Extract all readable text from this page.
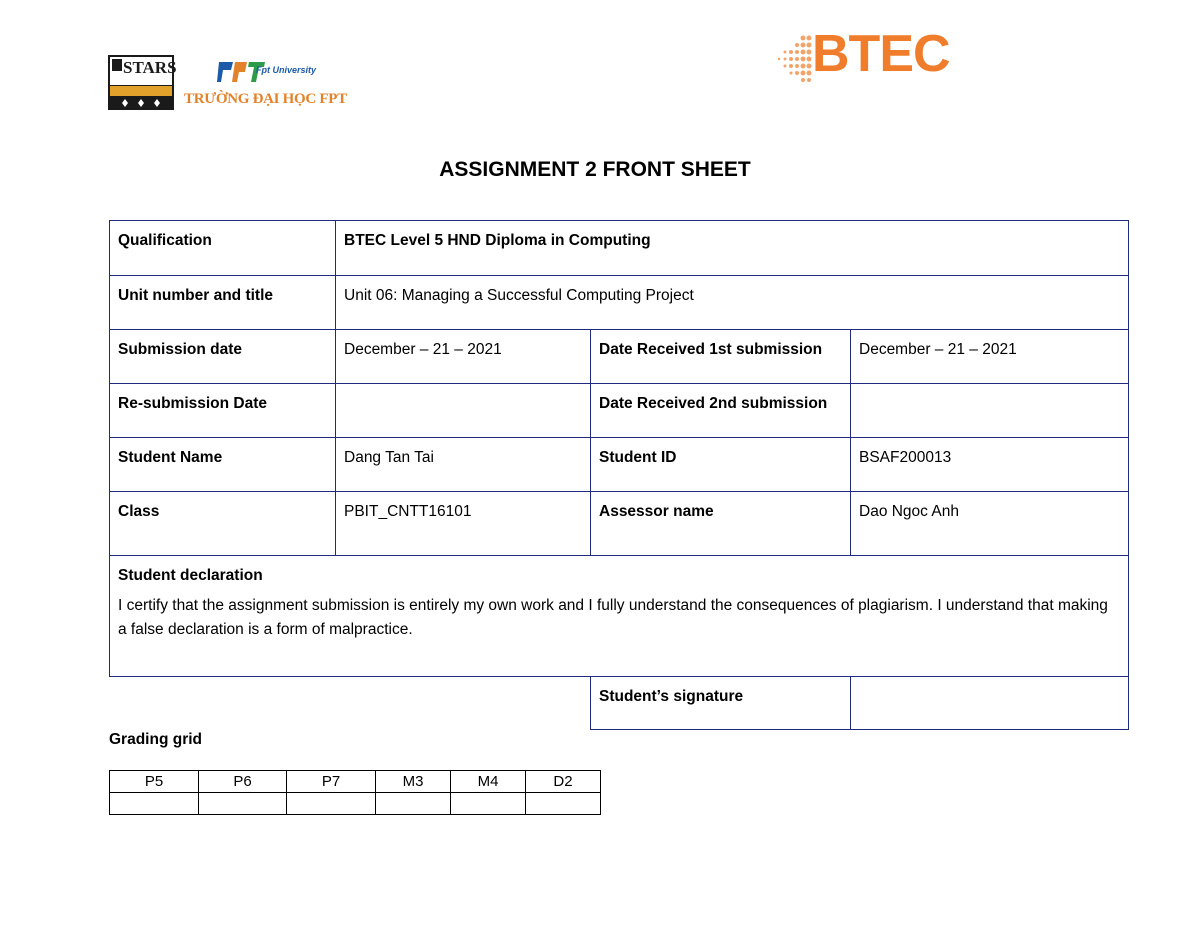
STARS	Fpt University
TRƯỜNG ĐẠI HỌC FPT
BTEC
ASSIGNMENT 2 FRONT SHEET
Qualification	BTEC Level 5 HND Diploma in Computing		
Unit number and title	Unit 06: Managing a Successful Computing Project		
Submission date	December – 21 – 2021	Date Received 1st submission	December – 21 – 2021
Re-submission Date		Date Received 2nd submission	
Student Name	Dang Tan Tai	Student ID	BSAF200013
Class	PBIT_CNTT16101	Assessor name	Dao Ngoc Anh

Student declaration
I certify that the assignment submission is entirely my own work and I fully understand the consequences of plagiarism. I understand that making a false declaration is a form of malpractice.			

		Student’s signature	
Grading grid
P5	P6	P7	M3	M4	D2
